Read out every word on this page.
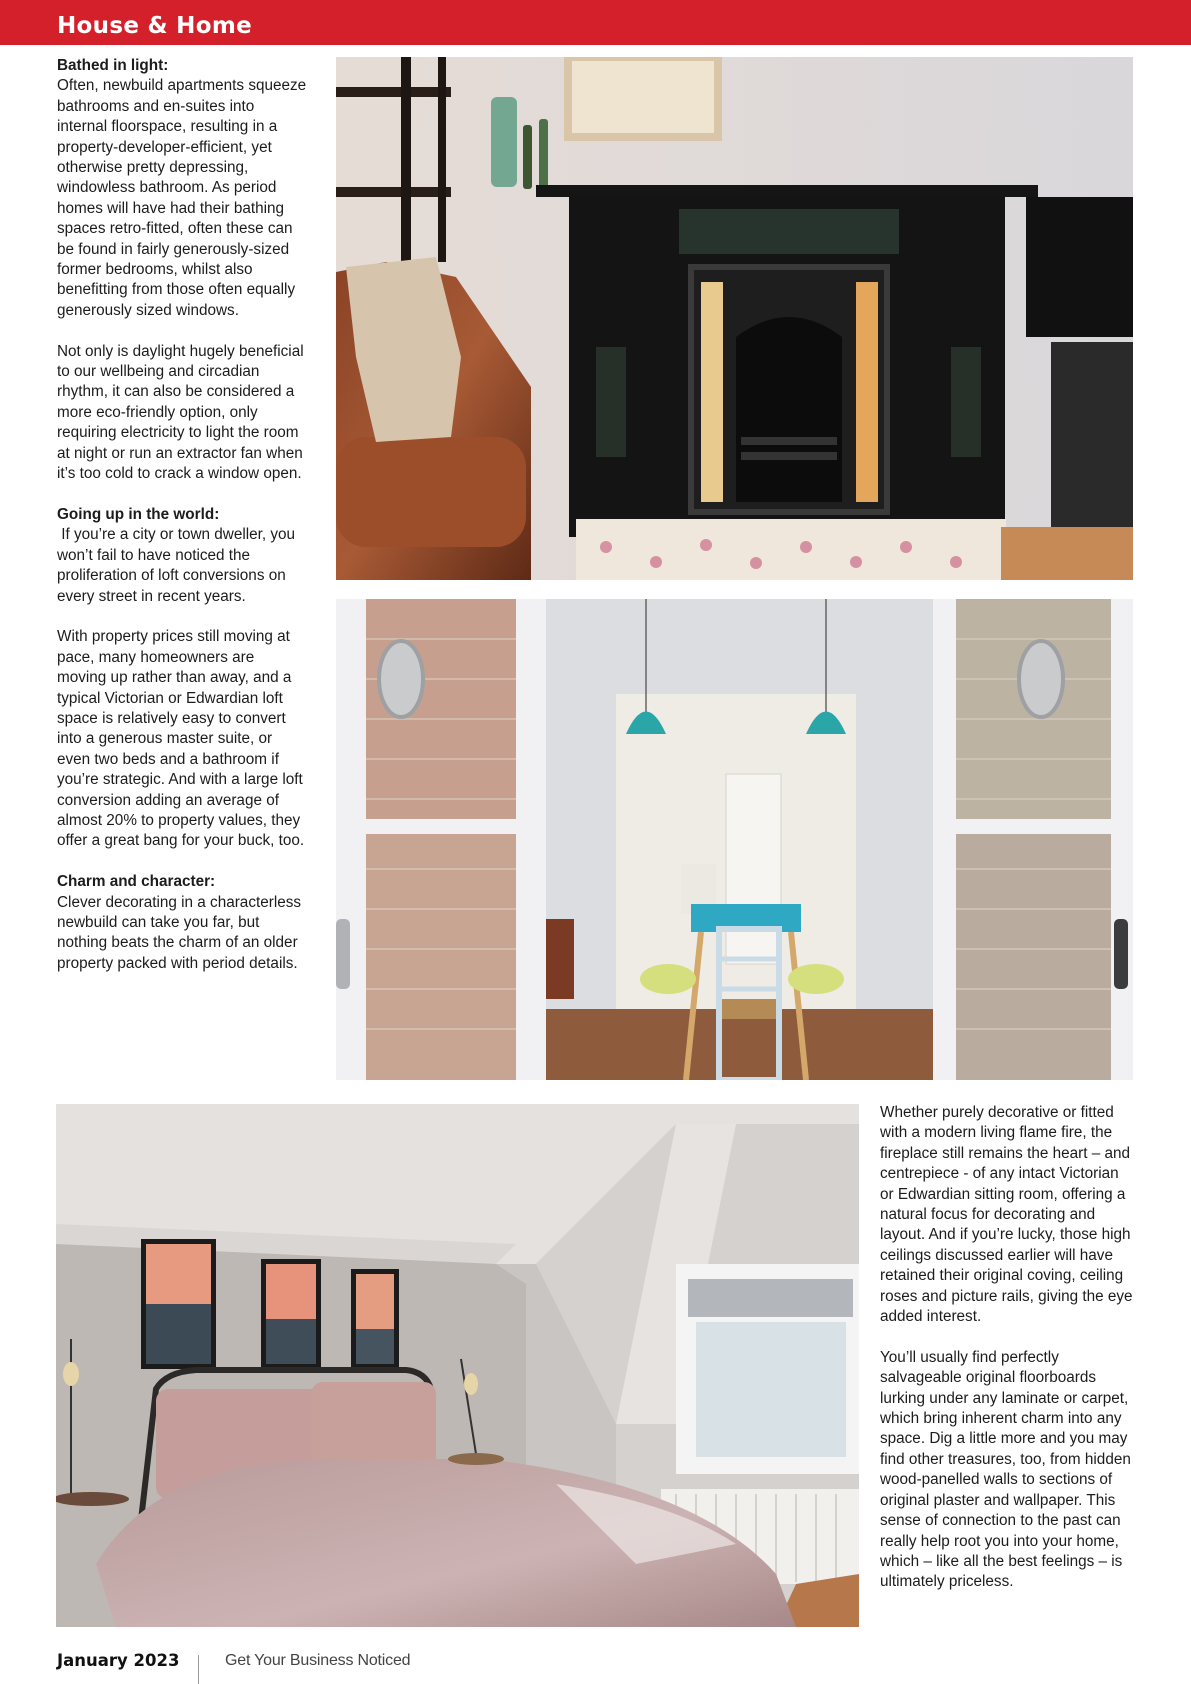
House & Home

Bathed in light:
Often, newbuild apartments squeeze bathrooms and en-suites into internal floorspace, resulting in a property-developer-efficient, yet otherwise pretty depressing, windowless bathroom. As period homes will have had their bathing spaces retro-fitted, often these can be found in fairly generously-sized former bedrooms, whilst also benefitting from those often equally generously sized windows.

Not only is daylight hugely beneficial to our wellbeing and circadian rhythm, it can also be considered a more eco-friendly option, only requiring electricity to light the room at night or run an extractor fan when it’s too cold to crack a window open.

Going up in the world:
If you’re a city or town dweller, you won’t fail to have noticed the proliferation of loft conversions on every street in recent years.

With property prices still moving at pace, many homeowners are moving up rather than away, and a typical Victorian or Edwardian loft space is relatively easy to convert into a generous master suite, or even two beds and a bathroom if you’re strategic. And with a large loft conversion adding an average of almost 20% to property values, they offer a great bang for your buck, too.

Charm and character:
Clever decorating in a characterless newbuild can take you far, but nothing beats the charm of an older property packed with period details.

Whether purely decorative or fitted with a modern living flame fire, the fireplace still remains the heart – and centrepiece - of any intact Victorian or Edwardian sitting room, offering a natural focus for decorating and layout. And if you’re lucky, those high ceilings discussed earlier will have retained their original coving, ceiling roses and picture rails, giving the eye added interest.

You’ll usually find perfectly salvageable original floorboards lurking under any laminate or carpet, which bring inherent charm into any space. Dig a little more and you may find other treasures, too, from hidden wood-panelled walls to sections of original plaster and wallpaper. This sense of connection to the past can really help root you into your home, which – like all the best feelings – is ultimately priceless.

January 2023	Get Your Business Noticed
